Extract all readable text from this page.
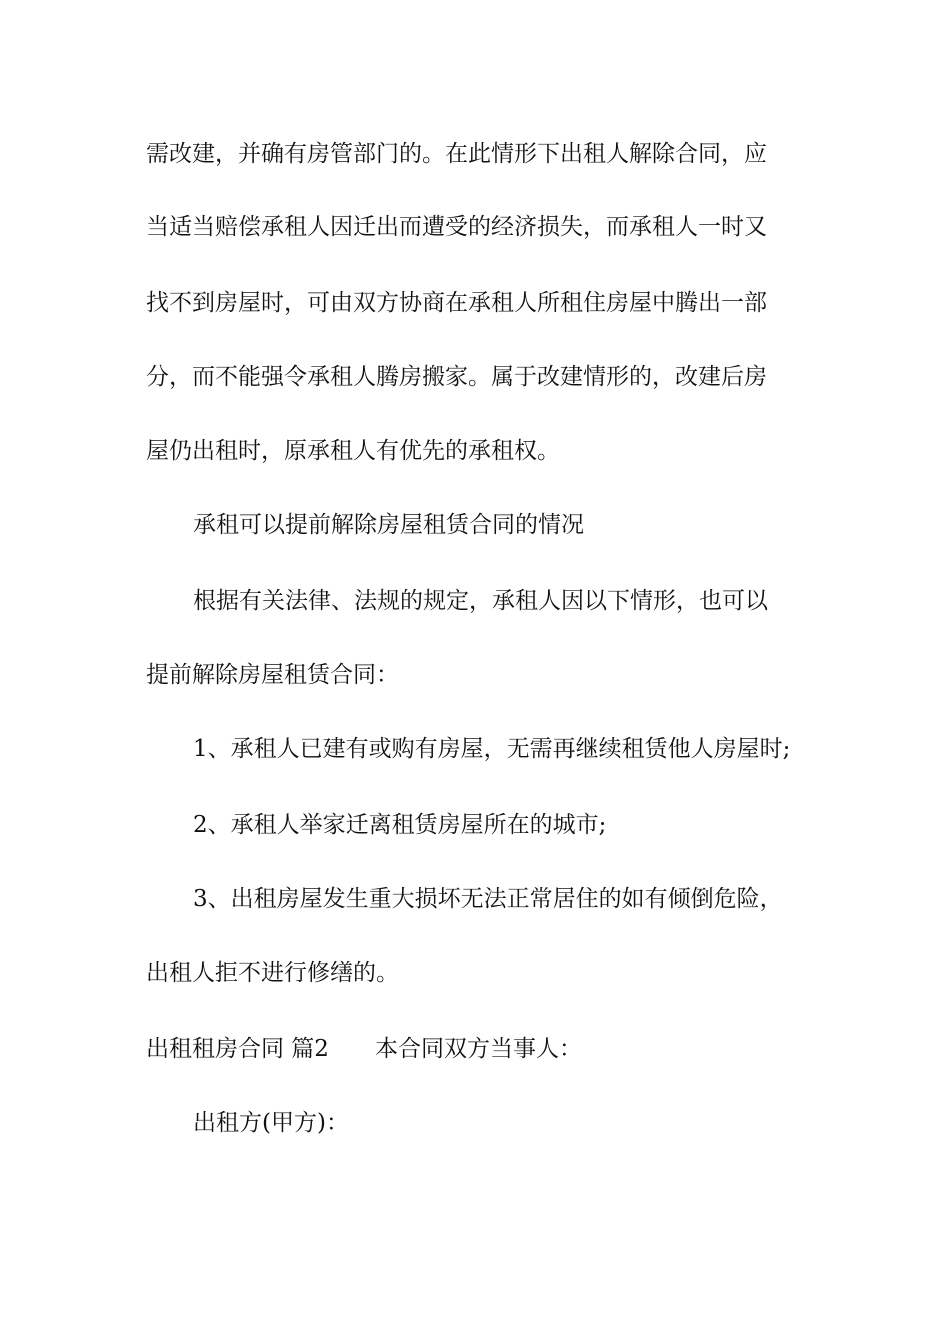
需改建，并确有房管部门的。在此情形下出租人解除合同，应
当适当赔偿承租人因迁出而遭受的经济损失，而承租人一时又
找不到房屋时，可由双方协商在承租人所租住房屋中腾出一部
分，而不能强令承租人腾房搬家。属于改建情形的，改建后房
屋仍出租时，原承租人有优先的承租权。
承租可以提前解除房屋租赁合同的情况
根据有关法律、法规的规定，承租人因以下情形，也可以
提前解除房屋租赁合同：
1、承租人已建有或购有房屋，无需再继续租赁他人房屋时;
2、承租人举家迁离租赁房屋所在的城市;
3、出租房屋发生重大损坏无法正常居住的如有倾倒危险，
出租人拒不进行修缮的。
出租租房合同 篇2 本合同双方当事人：
出租方(甲方)：
